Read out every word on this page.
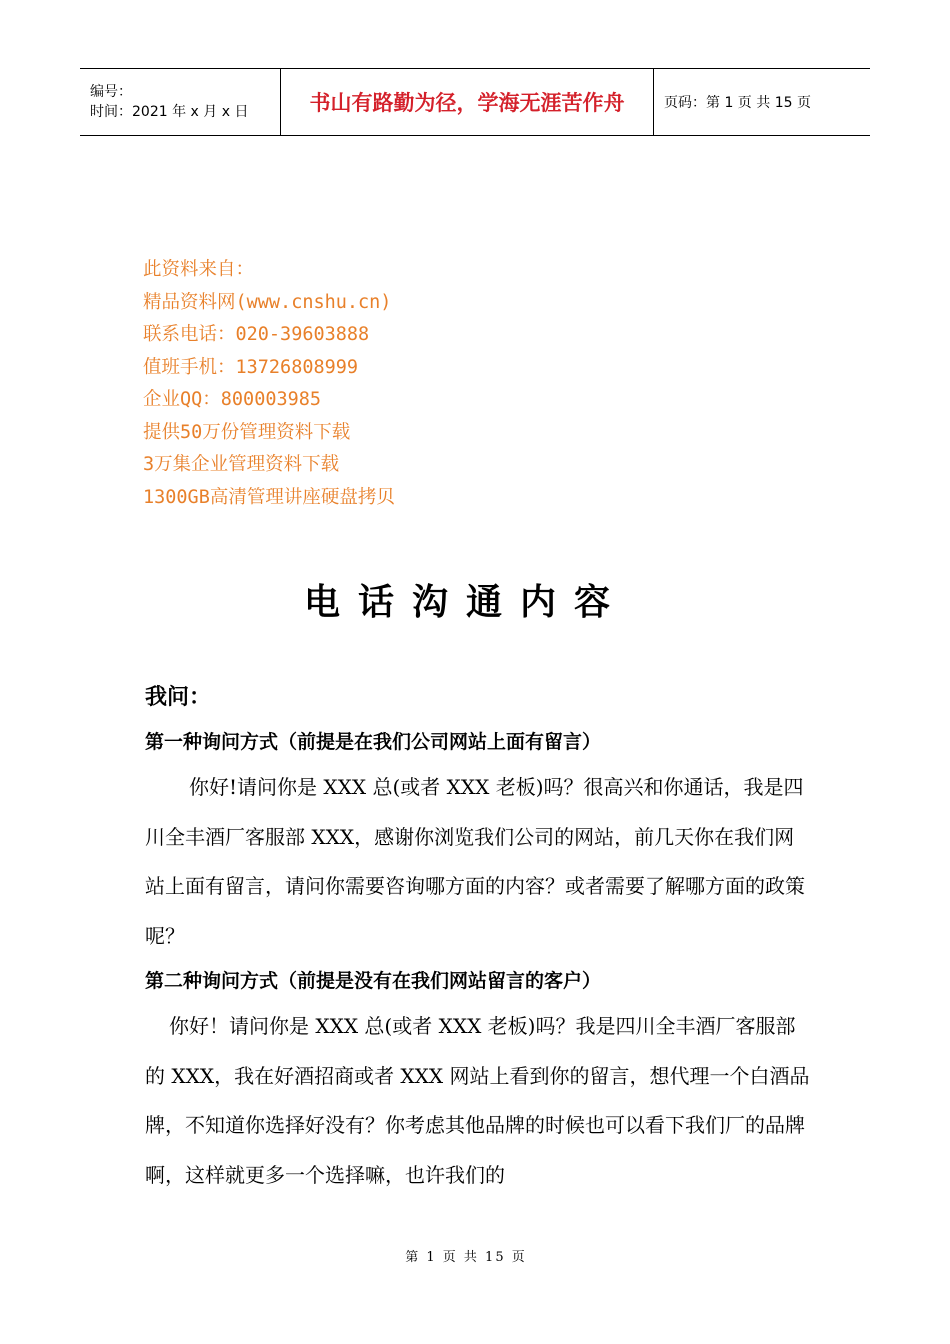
编号：
时间：2021 年 x 月 x 日	书山有路勤为径，学海无涯苦作舟	页码：第 1 页 共 15 页
此资料来自：
精品资料网(www.cnshu.cn)
联系电话：020-39603888
值班手机：13726808999
企业QQ：800003985
提供50万份管理资料下载
3万集企业管理资料下载
1300GB高清管理讲座硬盘拷贝
电话沟通内容
我问：
第一种询问方式（前提是在我们公司网站上面有留言）
你好!请问你是 XXX 总(或者 XXX 老板)吗？很高兴和你通话，我是四川全丰酒厂客服部 XXX，感谢你浏览我们公司的网站，前几天你在我们网站上面有留言，请问你需要咨询哪方面的内容？或者需要了解哪方面的政策呢？
第二种询问方式（前提是没有在我们网站留言的客户）
你好！请问你是 XXX 总(或者 XXX 老板)吗？我是四川全丰酒厂客服部的 XXX，我在好酒招商或者 XXX 网站上看到你的留言，想代理一个白酒品牌，不知道你选择好没有？你考虑其他品牌的时候也可以看下我们厂的品牌啊，这样就更多一个选择嘛，也许我们的
第 1 页 共 15 页
